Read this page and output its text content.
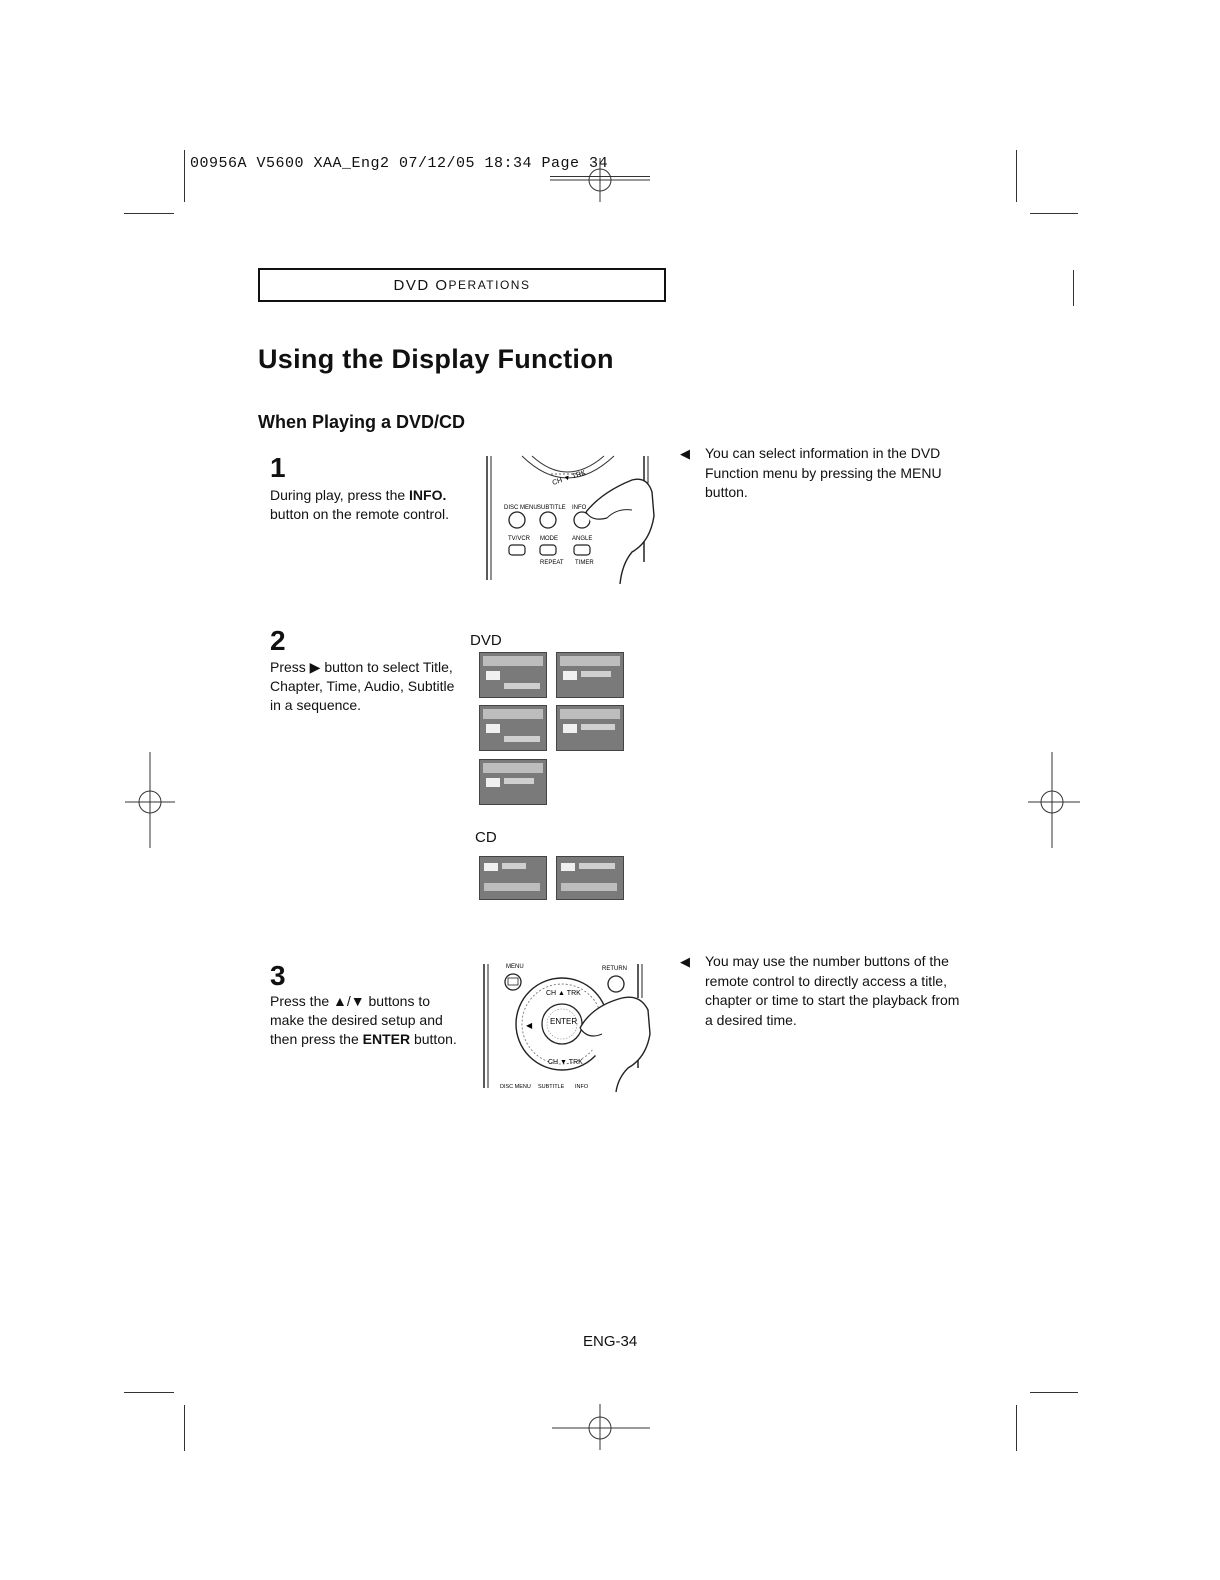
00956A V5600 XAA_Eng2 07/12/05 18:34 Page 34
DVD
O PERATIONS
Using the Display Function
When Playing a DVD/CD
1
During play, press the INFO. button on the remote control.
CH ▼ TRK
DISC MENU SUBTITLE INFO
TV/VCR MODE ANGLE
REPEAT TIMER
◀ You can select information in the DVD Function menu by pressing the MENU button.
2
Press ▶ button to select Title, Chapter, Time, Audio, Subtitle in a sequence.
DVD
CD
3
Press the ▲/▼ buttons to make the desired setup and then press the ENTER button.
MENU	RETURN
CH ▲ TRK
CH ▼ TRK
ENTER
◀
DISC MENU SUBTITLE INFO
◀ You may use the number buttons of the remote control to directly access a title, chapter or time to start the playback from a desired time.
ENG-34
